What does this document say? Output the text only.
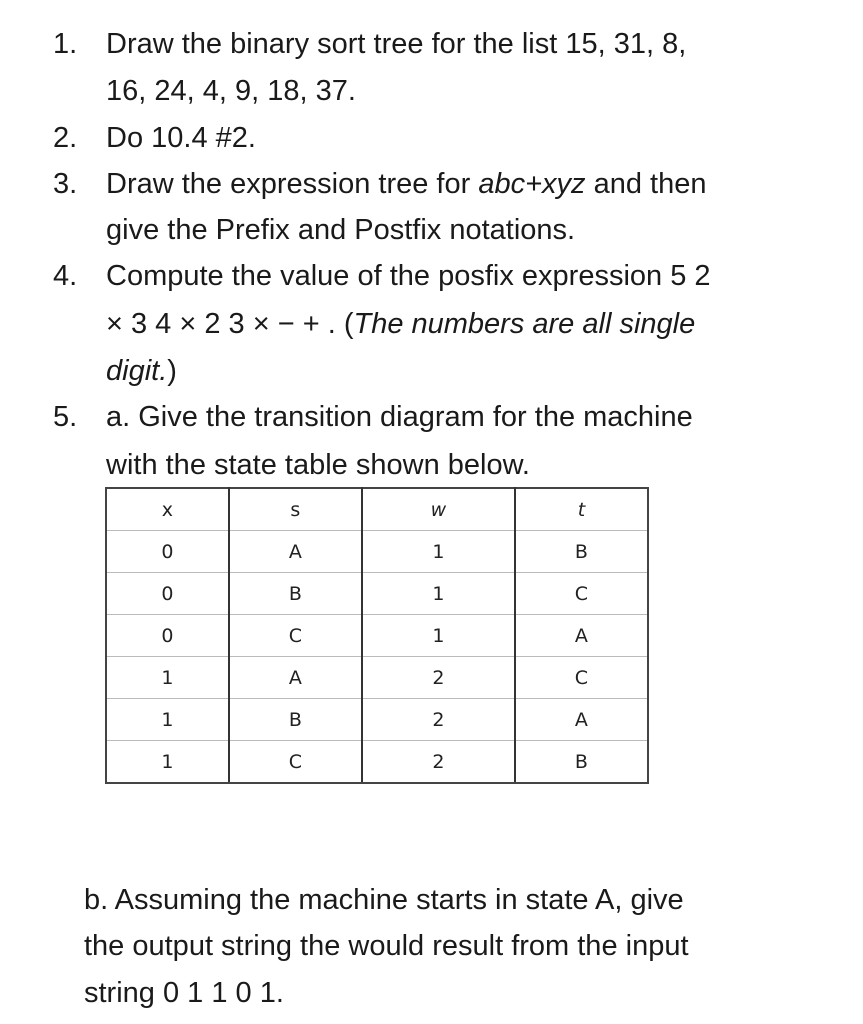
1. Draw the binary sort tree for the list 15, 31, 8,
16, 24, 4, 9, 18, 37.
2. Do 10.4 #2.
3. Draw the expression tree for abc+xyz and then
give the Prefix and Postfix notations.
4. Compute the value of the posfix expression 5 2
× 3 4 × 2 3 × − + . (The numbers are all single
digit.)
5. a. Give the transition diagram for the machine
with the state table shown below.
x	s	w	t
0	A	1	B
0	B	1	C
0	C	1	A
1	A	2	C
1	B	2	A
1	C	2	B
b. Assuming the machine starts in state A, give
the output string the would result from the input
string 0 1 1 0 1.
